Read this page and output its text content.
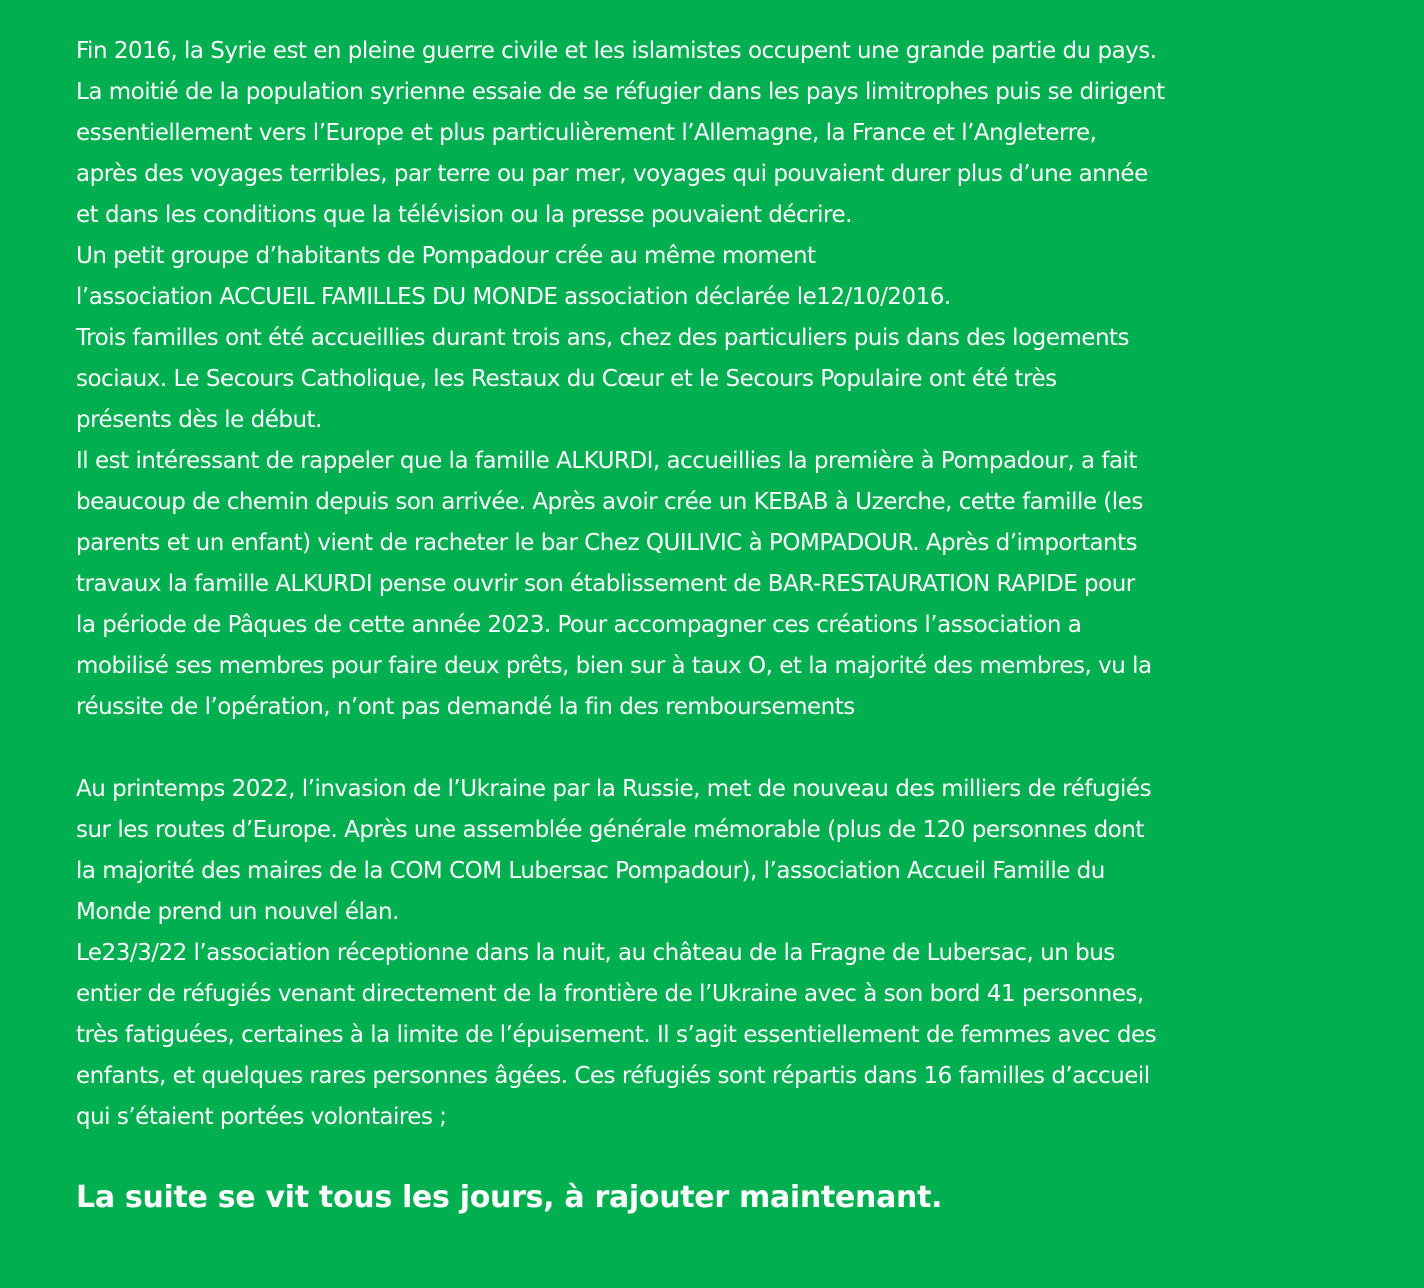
Fin 2016, la Syrie est en pleine guerre civile et les islamistes occupent une grande partie du pays.
La moitié de la population syrienne essaie de se réfugier dans les pays limitrophes puis se dirigent
essentiellement vers l’Europe et plus particulièrement l’Allemagne, la France et l’Angleterre,
après des voyages terribles, par terre ou par mer, voyages qui pouvaient durer plus d’une année
et dans les conditions que la télévision ou la presse pouvaient décrire.
Un petit groupe d’habitants de Pompadour crée au même moment
l’association ACCUEIL FAMILLES DU MONDE association déclarée le12/10/2016.
Trois familles ont été accueillies durant trois ans, chez des particuliers puis dans des logements
sociaux. Le Secours Catholique, les Restaux du Cœur et le Secours Populaire ont été très
présents dès le début.
Il est intéressant de rappeler que la famille ALKURDI, accueillies la première à Pompadour, a fait
beaucoup de chemin depuis son arrivée. Après avoir crée un KEBAB à Uzerche, cette famille (les
parents et un enfant) vient de racheter le bar Chez QUILIVIC à POMPADOUR. Après d’importants
travaux la famille ALKURDI pense ouvrir son établissement de BAR-RESTAURATION RAPIDE pour
la période de Pâques de cette année 2023. Pour accompagner ces créations l’association a
mobilisé ses membres pour faire deux prêts, bien sur à taux O, et la majorité des membres, vu la
réussite de l’opération, n’ont pas demandé la fin des remboursements
Au printemps 2022, l’invasion de l’Ukraine par la Russie, met de nouveau des milliers de réfugiés
sur les routes d’Europe. Après une assemblée générale mémorable (plus de 120 personnes dont
la majorité des maires de la COM COM Lubersac Pompadour), l’association Accueil Famille du
Monde prend un nouvel élan.
Le23/3/22 l’association réceptionne dans la nuit, au château de la Fragne de Lubersac, un bus
entier de réfugiés venant directement de la frontière de l’Ukraine avec à son bord 41 personnes,
très fatiguées, certaines à la limite de l’épuisement. Il s’agit essentiellement de femmes avec des
enfants, et quelques rares personnes âgées. Ces réfugiés sont répartis dans 16 familles d’accueil
qui s’étaient portées volontaires ;
La suite se vit tous les jours, à rajouter maintenant.
